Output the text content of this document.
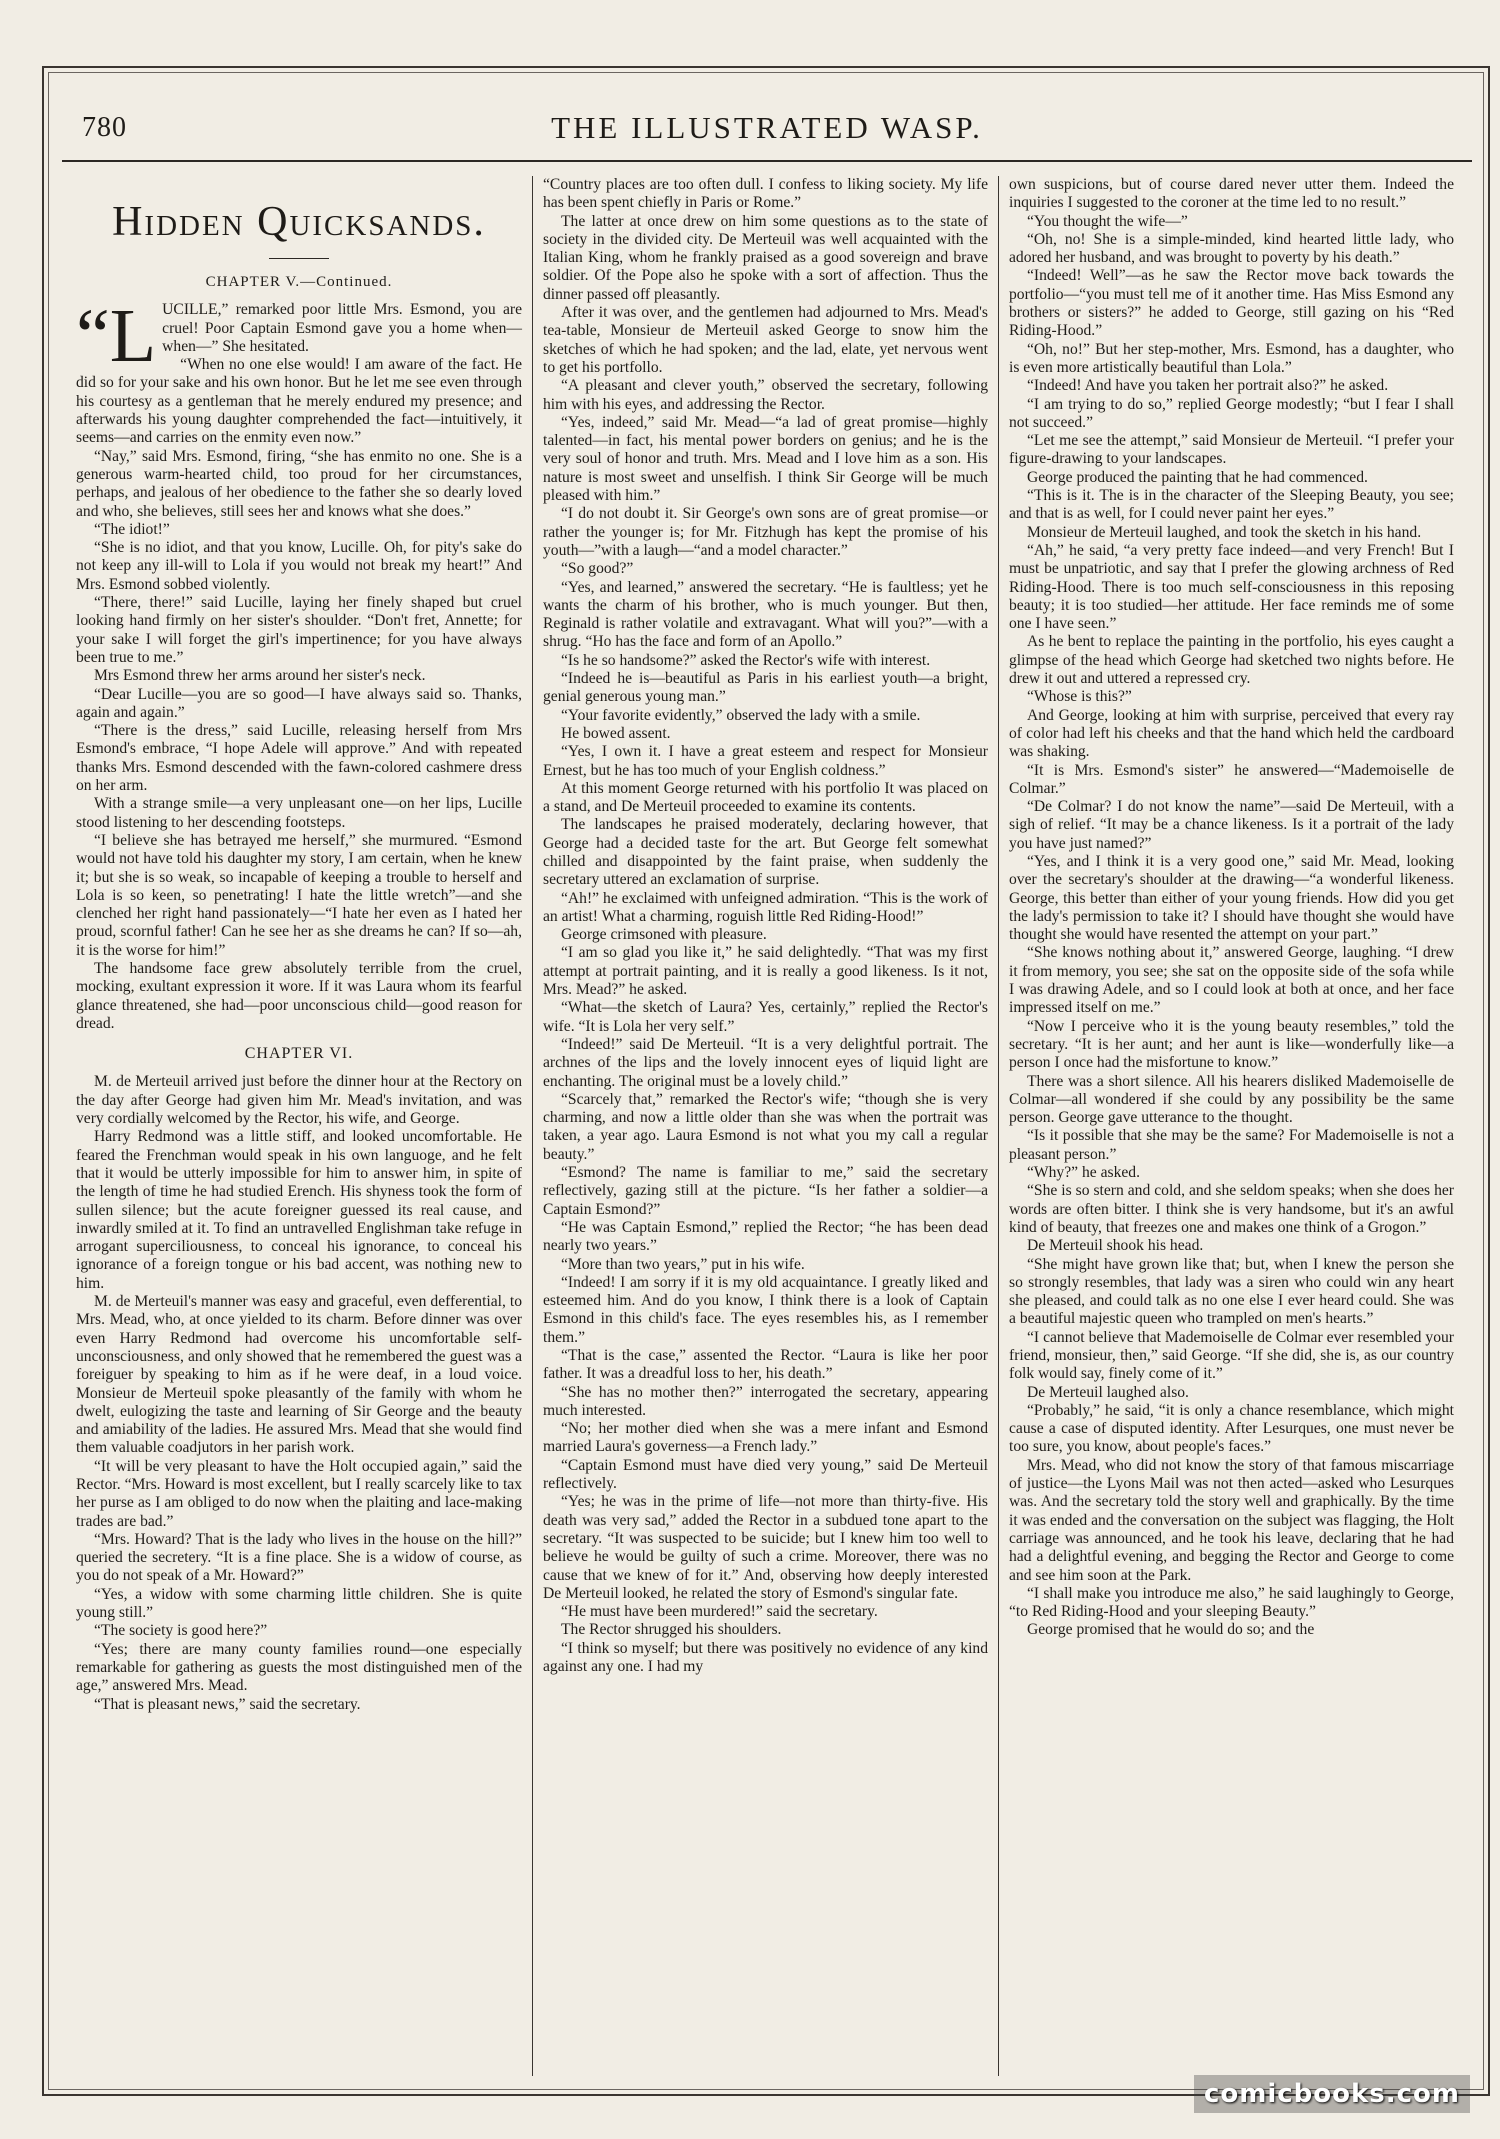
780	THE ILLUSTRATED WASP.
Hidden Quicksands.
CHAPTER V.—Continued.

“L UCILLE,” remarked poor little Mrs. Esmond, you are cruel! Poor Captain Esmond gave you a home when—when—” She hesitated.

“When no one else would! I am aware of the fact. He did so for your sake and his own honor. But he let me see even through his courtesy as a gentleman that he merely endured my presence; and afterwards his young daughter comprehended the fact—intuitively, it seems—and carries on the enmity even now.”

“Nay,” said Mrs. Esmond, firing, “she has enmito no one. She is a generous warm-hearted child, too proud for her circumstances, perhaps, and jealous of her obedience to the father she so dearly loved and who, she believes, still sees her and knows what she does.”

“The idiot!”

“She is no idiot, and that you know, Lucille. Oh, for pity's sake do not keep any ill-will to Lola if you would not break my heart!” And Mrs. Esmond sobbed violently.

“There, there!” said Lucille, laying her finely shaped but cruel looking hand firmly on her sister's shoulder. “Don't fret, Annette; for your sake I will forget the girl's impertinence; for you have always been true to me.”

Mrs Esmond threw her arms around her sister's neck.

“Dear Lucille—you are so good—I have always said so. Thanks, again and again.”

“There is the dress,” said Lucille, releasing herself from Mrs Esmond's embrace, “I hope Adele will approve.” And with repeated thanks Mrs. Esmond descended with the fawn-colored cashmere dress on her arm.

With a strange smile—a very unpleasant one—on her lips, Lucille stood listening to her descending footsteps.

“I believe she has betrayed me herself,” she murmured. “Esmond would not have told his daughter my story, I am certain, when he knew it; but she is so weak, so incapable of keeping a trouble to herself and Lola is so keen, so penetrating! I hate the little wretch”—and she clenched her right hand passionately—“I hate her even as I hated her proud, scornful father! Can he see her as she dreams he can? If so—ah, it is the worse for him!”

The handsome face grew absolutely terrible from the cruel, mocking, exultant expression it wore. If it was Laura whom its fearful glance threatened, she had—poor unconscious child—good reason for dread.

CHAPTER VI.

M. de Merteuil arrived just before the dinner hour at the Rectory on the day after George had given him Mr. Mead's invitation, and was very cordially welcomed by the Rector, his wife, and George.

Harry Redmond was a little stiff, and looked uncomfortable. He feared the Frenchman would speak in his own languoge, and he felt that it would be utterly impossible for him to answer him, in spite of the length of time he had studied Erench. His shyness took the form of sullen silence; but the acute foreigner guessed its real cause, and inwardly smiled at it. To find an untravelled Englishman take refuge in arrogant superciliousness, to conceal his ignorance, to conceal his ignorance of a foreign tongue or his bad accent, was nothing new to him.

M. de Merteuil's manner was easy and graceful, even defferential, to Mrs. Mead, who, at once yielded to its charm. Before dinner was over even Harry Redmond had overcome his uncomfortable self-unconsciousness, and only showed that he remembered the guest was a foreiguer by speaking to him as if he were deaf, in a loud voice. Monsieur de Merteuil spoke pleasantly of the family with whom he dwelt, eulogizing the taste and learning of Sir George and the beauty and amiability of the ladies. He assured Mrs. Mead that she would find them valuable coadjutors in her parish work.

“It will be very pleasant to have the Holt occupied again,” said the Rector. “Mrs. Howard is most excellent, but I really scarcely like to tax her purse as I am obliged to do now when the plaiting and lace-making trades are bad.”

“Mrs. Howard? That is the lady who lives in the house on the hill?” queried the secretery. “It is a fine place. She is a widow of course, as you do not speak of a Mr. Howard?”

“Yes, a widow with some charming little children. She is quite young still.”

“The society is good here?”

“Yes; there are many county families round—one especially remarkable for gathering as guests the most distinguished men of the age,” answered Mrs. Mead.

“That is pleasant news,” said the secretary.

“Country places are too often dull. I confess to liking society. My life has been spent chiefly in Paris or Rome.”

The latter at once drew on him some questions as to the state of society in the divided city. De Merteuil was well acquainted with the Italian King, whom he frankly praised as a good sovereign and brave soldier. Of the Pope also he spoke with a sort of affection. Thus the dinner passed off pleasantly.

After it was over, and the gentlemen had adjourned to Mrs. Mead's tea-table, Monsieur de Merteuil asked George to snow him the sketches of which he had spoken; and the lad, elate, yet nervous went to get his portfollo.

“A pleasant and clever youth,” observed the secretary, following him with his eyes, and addressing the Rector.

“Yes, indeed,” said Mr. Mead—“a lad of great promise—highly talented—in fact, his mental power borders on genius; and he is the very soul of honor and truth. Mrs. Mead and I love him as a son. His nature is most sweet and unselfish. I think Sir George will be much pleased with him.”

“I do not doubt it. Sir George's own sons are of great promise—or rather the younger is; for Mr. Fitzhugh has kept the promise of his youth—”with a laugh—“and a model character.”

“So good?”

“Yes, and learned,” answered the secretary. “He is faultless; yet he wants the charm of his brother, who is much younger. But then, Reginald is rather volatile and extravagant. What will you?”—with a shrug. “Ho has the face and form of an Apollo.”

“Is he so handsome?” asked the Rector's wife with interest.

“Indeed he is—beautiful as Paris in his earliest youth—a bright, genial generous young man.”

“Your favorite evidently,” observed the lady with a smile.

He bowed assent.

“Yes, I own it. I have a great esteem and respect for Monsieur Ernest, but he has too much of your English coldness.”

At this moment George returned with his portfolio It was placed on a stand, and De Merteuil proceeded to examine its contents.

The landscapes he praised moderately, declaring however, that George had a decided taste for the art. But George felt somewhat chilled and disappointed by the faint praise, when suddenly the secretary uttered an exclamation of surprise.

“Ah!” he exclaimed with unfeigned admiration. “This is the work of an artist! What a charming, roguish little Red Riding-Hood!”

George crimsoned with pleasure.

“I am so glad you like it,” he said delightedly. “That was my first attempt at portrait painting, and it is really a good likeness. Is it not, Mrs. Mead?” he asked.

“What—the sketch of Laura? Yes, certainly,” replied the Rector's wife. “It is Lola her very self.”

“Indeed!” said De Merteuil. “It is a very delightful portrait. The archnes of the lips and the lovely innocent eyes of liquid light are enchanting. The original must be a lovely child.”

“Scarcely that,” remarked the Rector's wife; “though she is very charming, and now a little older than she was when the portrait was taken, a year ago. Laura Esmond is not what you my call a regular beauty.”

“Esmond? The name is familiar to me,” said the secretary reflectively, gazing still at the picture. “Is her father a soldier—a Captain Esmond?”

“He was Captain Esmond,” replied the Rector; “he has been dead nearly two years.”

“More than two years,” put in his wife.

“Indeed! I am sorry if it is my old acquaintance. I greatly liked and esteemed him. And do you know, I think there is a look of Captain Esmond in this child's face. The eyes resembles his, as I remember them.”

“That is the case,” assented the Rector. “Laura is like her poor father. It was a dreadful loss to her, his death.”

“She has no mother then?” interrogated the secretary, appearing much interested.

“No; her mother died when she was a mere infant and Esmond married Laura's governess—a French lady.”

“Captain Esmond must have died very young,” said De Merteuil reflectively.

“Yes; he was in the prime of life—not more than thirty-five. His death was very sad,” added the Rector in a subdued tone apart to the secretary. “It was suspected to be suicide; but I knew him too well to believe he would be guilty of such a crime. Moreover, there was no cause that we knew of for it.” And, observing how deeply interested De Merteuil looked, he related the story of Esmond's singular fate.

“He must have been murdered!” said the secretary.

The Rector shrugged his shoulders.

“I think so myself; but there was positively no evidence of any kind against any one. I had my

own suspicions, but of course dared never utter them. Indeed the inquiries I suggested to the coroner at the time led to no result.”

“You thought the wife—”

“Oh, no! She is a simple-minded, kind hearted little lady, who adored her husband, and was brought to poverty by his death.”

“Indeed! Well”—as he saw the Rector move back towards the portfolio—“you must tell me of it another time. Has Miss Esmond any brothers or sisters?” he added to George, still gazing on his “Red Riding-Hood.”

“Oh, no!” But her step-mother, Mrs. Esmond, has a daughter, who is even more artistically beautiful than Lola.”

“Indeed! And have you taken her portrait also?” he asked.

“I am trying to do so,” replied George modestly; “but I fear I shall not succeed.”

“Let me see the attempt,” said Monsieur de Merteuil. “I prefer your figure-drawing to your landscapes.

George produced the painting that he had commenced.

“This is it. The is in the character of the Sleeping Beauty, you see; and that is as well, for I could never paint her eyes.”

Monsieur de Merteuil laughed, and took the sketch in his hand.

“Ah,” he said, “a very pretty face indeed—and very French! But I must be unpatriotic, and say that I prefer the glowing archness of Red Riding-Hood. There is too much self-consciousness in this reposing beauty; it is too studied—her attitude. Her face reminds me of some one I have seen.”

As he bent to replace the painting in the portfolio, his eyes caught a glimpse of the head which George had sketched two nights before. He drew it out and uttered a repressed cry.

“Whose is this?”

And George, looking at him with surprise, perceived that every ray of color had left his cheeks and that the hand which held the cardboard was shaking.

“It is Mrs. Esmond's sister” he answered—“Mademoiselle de Colmar.”

“De Colmar? I do not know the name”—said De Merteuil, with a sigh of relief. “It may be a chance likeness. Is it a portrait of the lady you have just named?”

“Yes, and I think it is a very good one,” said Mr. Mead, looking over the secretary's shoulder at the drawing—“a wonderful likeness. George, this better than either of your young friends. How did you get the lady's permission to take it? I should have thought she would have thought she would have resented the attempt on your part.”

“She knows nothing about it,” answered George, laughing. “I drew it from memory, you see; she sat on the opposite side of the sofa while I was drawing Adele, and so I could look at both at once, and her face impressed itself on me.”

“Now I perceive who it is the young beauty resembles,” told the secretary. “It is her aunt; and her aunt is like—wonderfully like—a person I once had the misfortune to know.”

There was a short silence. All his hearers disliked Mademoiselle de Colmar—all wondered if she could by any possibility be the same person. George gave utterance to the thought.

“Is it possible that she may be the same? For Mademoiselle is not a pleasant person.”

“Why?” he asked.

“She is so stern and cold, and she seldom speaks; when she does her words are often bitter. I think she is very handsome, but it's an awful kind of beauty, that freezes one and makes one think of a Grogon.”

De Merteuil shook his head.

“She might have grown like that; but, when I knew the person she so strongly resembles, that lady was a siren who could win any heart she pleased, and could talk as no one else I ever heard could. She was a beautiful majestic queen who trampled on men's hearts.”

“I cannot believe that Mademoiselle de Colmar ever resembled your friend, monsieur, then,” said George. “If she did, she is, as our country folk would say, finely come of it.”

De Merteuil laughed also.

“Probably,” he said, “it is only a chance resemblance, which might cause a case of disputed identity. After Lesurques, one must never be too sure, you know, about people's faces.”

Mrs. Mead, who did not know the story of that famous miscarriage of justice—the Lyons Mail was not then acted—asked who Lesurques was. And the secretary told the story well and graphically. By the time it was ended and the conversation on the subject was flagging, the Holt carriage was announced, and he took his leave, declaring that he had had a delightful evening, and begging the Rector and George to come and see him soon at the Park.

“I shall make you introduce me also,” he said laughingly to George, “to Red Riding-Hood and your sleeping Beauty.”

George promised that he would do so; and the

comicbooks.com
